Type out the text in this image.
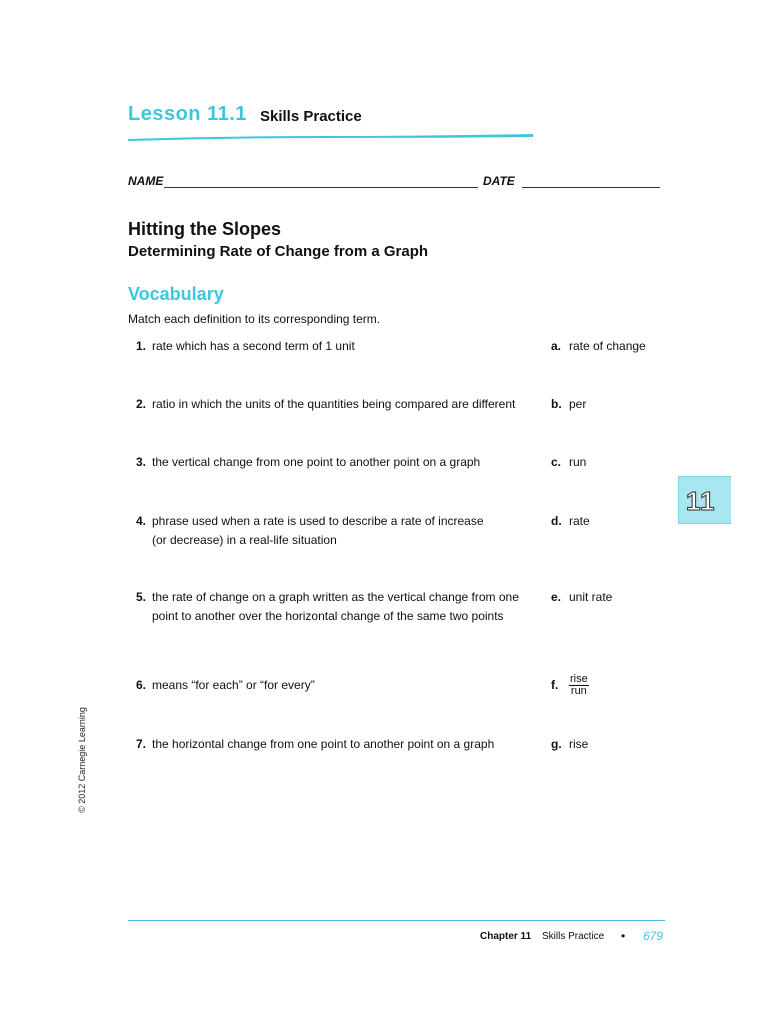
Lesson 11.1 Skills Practice
NAME	DATE
Hitting the Slopes
Determining Rate of Change from a Graph
Vocabulary
Match each definition to its corresponding term.
1. rate which has a second term of 1 unit
2. ratio in which the units of the quantities being compared are different
3. the vertical change from one point to another point on a graph
4. phrase used when a rate is used to describe a rate of increase
(or decrease) in a real-life situation
5. the rate of change on a graph written as the vertical change from one
point to another over the horizontal change of the same two points
6. means “for each” or “for every”
7. the horizontal change from one point to another point on a graph
a. rate of change
b. per
c. run
d. rate
e. unit rate
f. $\frac{\text{rise}}{\text{run}}$
g. rise
11
© 2012 Carnegie Learning
Chapter 11 Skills Practice • 679
